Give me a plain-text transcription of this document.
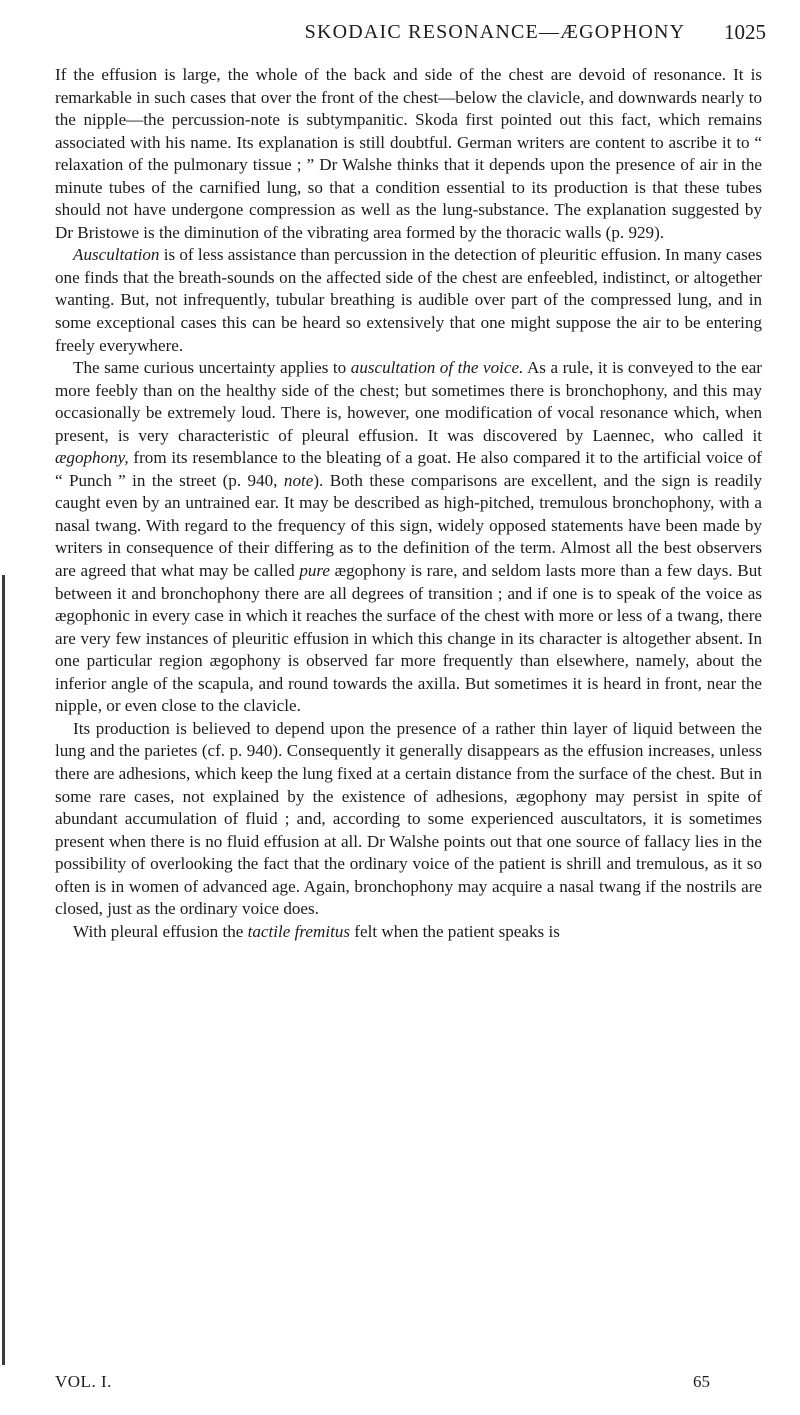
SKODAIC RESONANCE—ÆGOPHONY	1025

If the effusion is large, the whole of the back and side of the chest are devoid of resonance. It is remarkable in such cases that over the front of the chest—below the clavicle, and downwards nearly to the nipple—the percussion-note is subtympanitic. Skoda first pointed out this fact, which remains associated with his name. Its explanation is still doubtful. German writers are content to ascribe it to “ relaxation of the pulmonary tissue ; ” Dr Walshe thinks that it depends upon the presence of air in the minute tubes of the carnified lung, so that a condition essential to its production is that these tubes should not have undergone compression as well as the lung-substance. The explanation suggested by Dr Bristowe is the diminution of the vibrating area formed by the thoracic walls (p. 929).

Auscultation is of less assistance than percussion in the detection of pleuritic effusion. In many cases one finds that the breath-sounds on the affected side of the chest are enfeebled, indistinct, or altogether wanting. But, not infrequently, tubular breathing is audible over part of the compressed lung, and in some exceptional cases this can be heard so extensively that one might suppose the air to be entering freely everywhere.

The same curious uncertainty applies to auscultation of the voice. As a rule, it is conveyed to the ear more feebly than on the healthy side of the chest; but sometimes there is bronchophony, and this may occasionally be extremely loud. There is, however, one modification of vocal resonance which, when present, is very characteristic of pleural effusion. It was discovered by Laennec, who called it ægophony, from its resemblance to the bleating of a goat. He also compared it to the artificial voice of “ Punch ” in the street (p. 940, note). Both these comparisons are excellent, and the sign is readily caught even by an untrained ear. It may be described as high-pitched, tremulous bronchophony, with a nasal twang. With regard to the frequency of this sign, widely opposed statements have been made by writers in consequence of their differing as to the definition of the term. Almost all the best observers are agreed that what may be called pure ægophony is rare, and seldom lasts more than a few days. But between it and bronchophony there are all degrees of transition ; and if one is to speak of the voice as ægophonic in every case in which it reaches the surface of the chest with more or less of a twang, there are very few instances of pleuritic effusion in which this change in its character is altogether absent. In one particular region ægophony is observed far more frequently than elsewhere, namely, about the inferior angle of the scapula, and round towards the axilla. But sometimes it is heard in front, near the nipple, or even close to the clavicle.

Its production is believed to depend upon the presence of a rather thin layer of liquid between the lung and the parietes (cf. p. 940). Consequently it generally disappears as the effusion increases, unless there are adhesions, which keep the lung fixed at a certain distance from the surface of the chest. But in some rare cases, not explained by the existence of adhesions, ægophony may persist in spite of abundant accumulation of fluid ; and, according to some experienced auscultators, it is sometimes present when there is no fluid effusion at all. Dr Walshe points out that one source of fallacy lies in the possibility of overlooking the fact that the ordinary voice of the patient is shrill and tremulous, as it so often is in women of advanced age. Again, bronchophony may acquire a nasal twang if the nostrils are closed, just as the ordinary voice does.

With pleural effusion the tactile fremitus felt when the patient speaks is

VOL. I.	65
